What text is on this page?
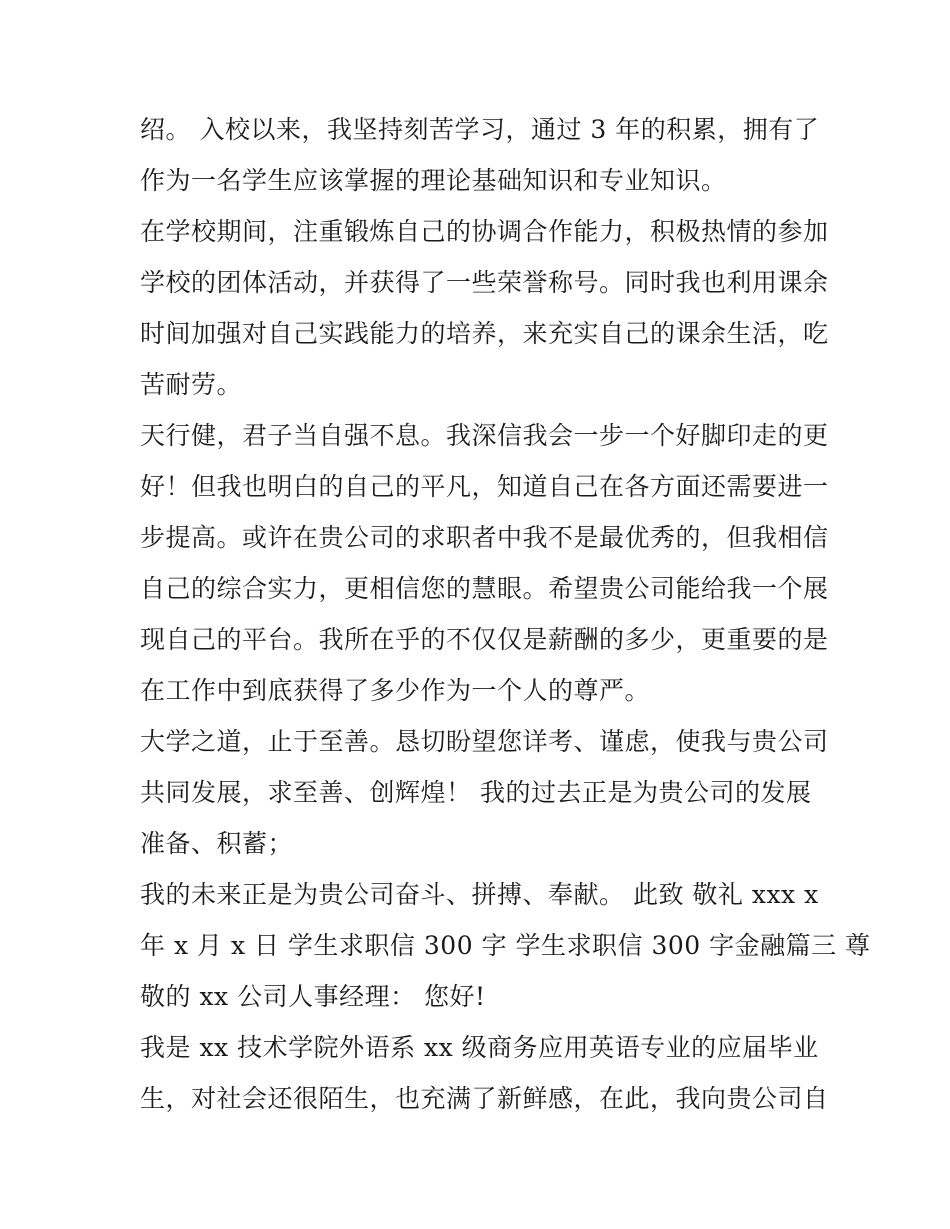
绍。 入校以来，我坚持刻苦学习，通过 3 年的积累，拥有了
作为一名学生应该掌握的理论基础知识和专业知识。
在学校期间，注重锻炼自己的协调合作能力，积极热情的参加
学校的团体活动，并获得了一些荣誉称号。同时我也利用课余
时间加强对自己实践能力的培养，来充实自己的课余生活，吃
苦耐劳。
天行健，君子当自强不息。我深信我会一步一个好脚印走的更
好！但我也明白的自己的平凡，知道自己在各方面还需要进一
步提高。或许在贵公司的求职者中我不是最优秀的，但我相信
自己的综合实力，更相信您的慧眼。希望贵公司能给我一个展
现自己的平台。我所在乎的不仅仅是薪酬的多少，更重要的是
在工作中到底获得了多少作为一个人的尊严。
大学之道，止于至善。恳切盼望您详考、谨虑，使我与贵公司
共同发展，求至善、创辉煌！ 我的过去正是为贵公司的发展
准备、积蓄；
我的未来正是为贵公司奋斗、拼搏、奉献。 此致 敬礼 xxx x
年 x 月 x 日 学生求职信 300 字 学生求职信 300 字金融篇三 尊
敬的 xx 公司人事经理： 您好!
我是 xx 技术学院外语系 xx 级商务应用英语专业的应届毕业
生，对社会还很陌生，也充满了新鲜感，在此，我向贵公司自
